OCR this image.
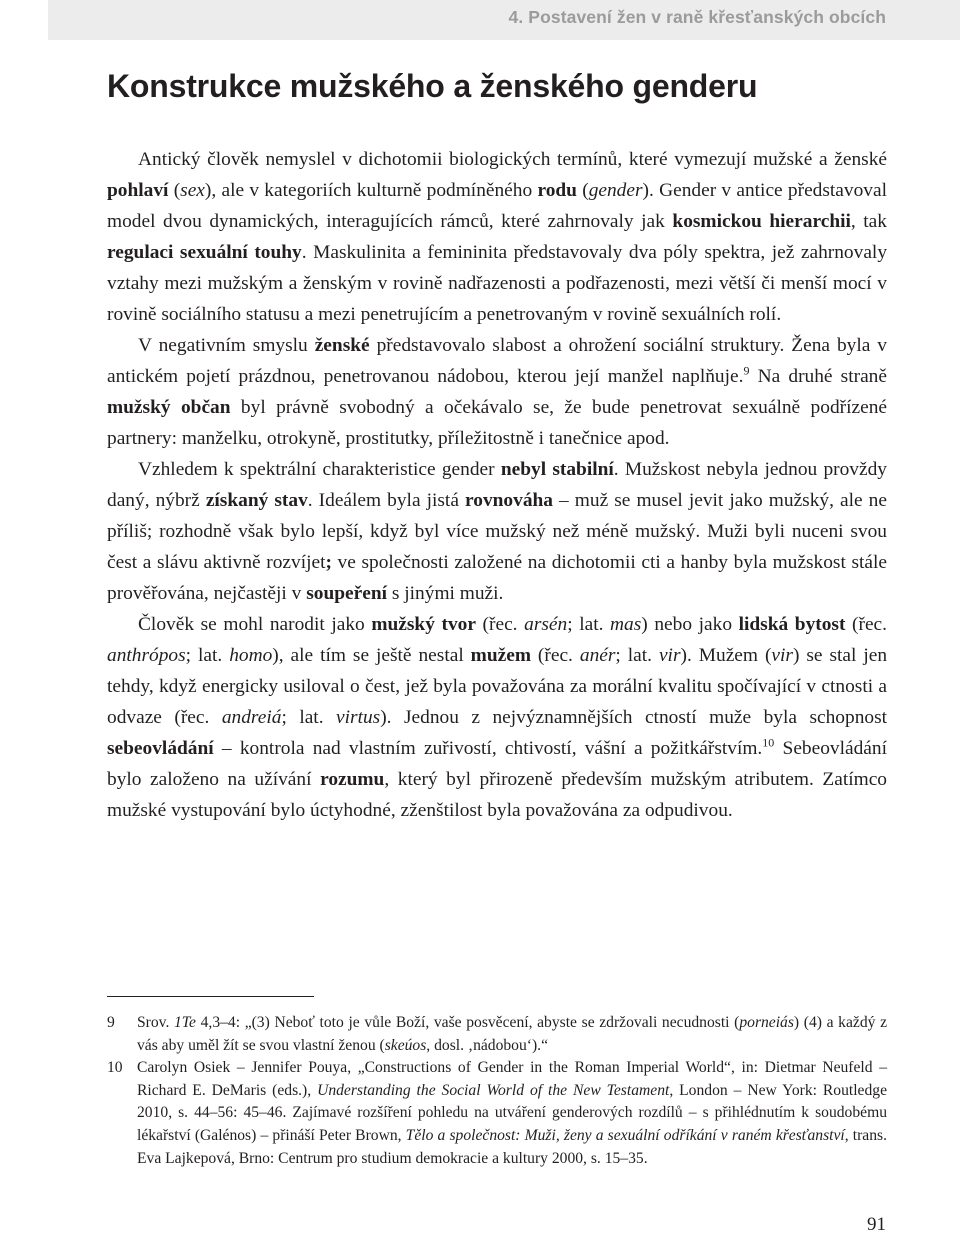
4. Postavení žen v raně křesťanských obcích
Konstrukce mužského a ženského genderu

Antický člověk nemyslel v dichotomii biologických termínů, které vymezují mužské a ženské pohlaví (sex), ale v kategoriích kulturně podmíněného rodu (gender). Gender v antice představoval model dvou dynamických, interagujících rámců, které zahrnovaly jak kosmickou hierarchii, tak regulaci sexuální touhy. Maskulinita a femininita představovaly dva póly spektra, jež zahrnovaly vztahy mezi mužským a ženským v rovině nadřazenosti a podřazenosti, mezi větší či menší mocí v rovině sociálního statusu a mezi penetrujícím a penetrovaným v rovině sexuálních rolí.

V negativním smyslu ženské představovalo slabost a ohrožení sociální struktury. Žena byla v antickém pojetí prázdnou, penetrovanou nádobou, kterou její manžel naplňuje.$^9$ Na druhé straně mužský občan byl právně svobodný a očekávalo se, že bude penetrovat sexuálně podřízené partnery: manželku, otrokyně, prostitutky, příležitostně i tanečnice apod.

Vzhledem k spektrální charakteristice gender nebyl stabilní. Mužskost nebyla jednou provždy daný, nýbrž získaný stav. Ideálem byla jistá rovnováha – muž se musel jevit jako mužský, ale ne příliš; rozhodně však bylo lepší, když byl více mužský než méně mužský. Muži byli nuceni svou čest a slávu aktivně rozvíjet; ve společnosti založené na dichotomii cti a hanby byla mužskost stále prověřována, nejčastěji v soupeření s jinými muži.

Člověk se mohl narodit jako mužský tvor (řec. arsén; lat. mas) nebo jako lidská bytost (řec. anthrópos; lat. homo), ale tím se ještě nestal mužem (řec. anér; lat. vir). Mužem (vir) se stal jen tehdy, když energicky usiloval o čest, jež byla považována za morální kvalitu spočívající v ctnosti a odvaze (řec. andreiá; lat. virtus). Jednou z nejvýznamnějších ctností muže byla schopnost sebeovládání – kontrola nad vlastním zuřivostí, chtivostí, vášní a požitkářstvím.$^{10}$ Sebeovládání bylo založeno na užívání rozumu, který byl přirozeně především mužským atributem. Zatímco mužské vystupování bylo úctyhodné, zženštilost byla považována za odpudivou.

9	Srov. 1Te 4,3–4: „(3) Neboť toto je vůle Boží, vaše posvěcení, abyste se zdržovali necudnosti (porneiás) (4) a každý z vás aby uměl žít se svou vlastní ženou (skeúos, dosl. ‚nádobou‘).“
10 Carolyn Osiek – Jennifer Pouya, „Constructions of Gender in the Roman Imperial World“, in: Dietmar Neufeld – Richard E. DeMaris (eds.), Understanding the Social World of the New Testament, London – New York: Routledge 2010, s. 44–56: 45–46. Zajímavé rozšíření pohledu na utváření genderových rozdílů – s přihlédnutím k soudobému lékařství (Galénos) – přináší Peter Brown, Tělo a společnost: Muži, ženy a sexuální odříkání v raném křesťanství, trans. Eva Lajkepová, Brno: Centrum pro studium demokracie a kultury 2000, s. 15–35.
91
